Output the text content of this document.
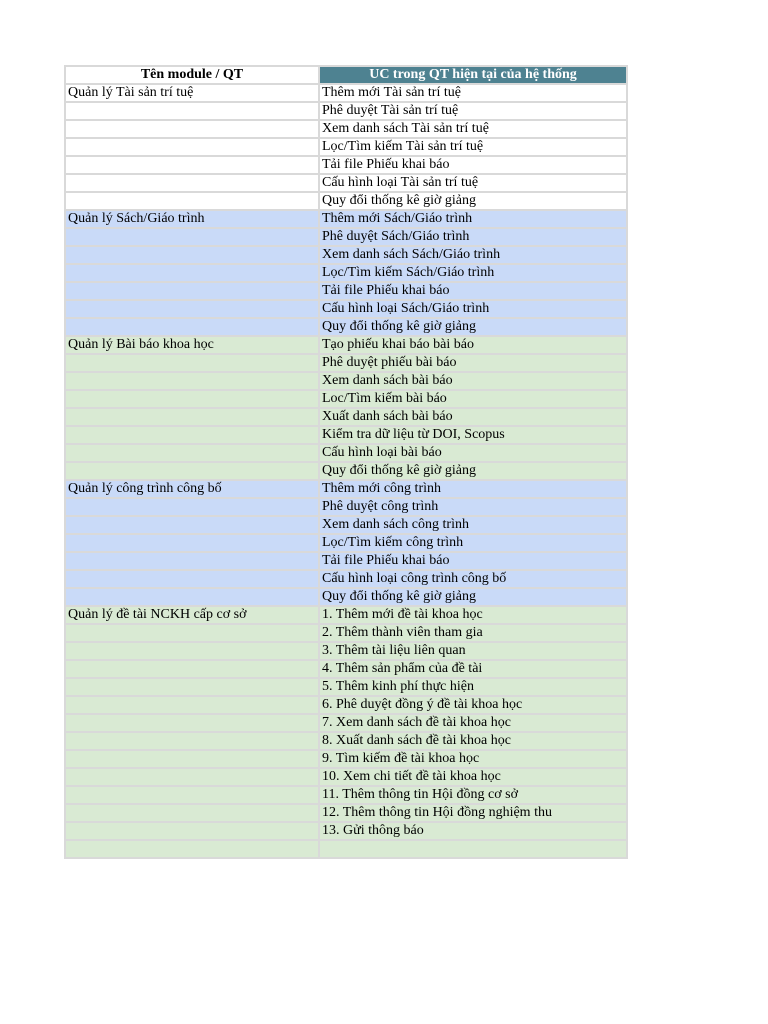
Tên module / QT	UC trong QT hiện tại của hệ thống
Quản lý Tài sản trí tuệ	Thêm mới Tài sản trí tuệ
	Phê duyệt Tài sản trí tuệ
	Xem danh sách Tài sản trí tuệ
	Lọc/Tìm kiếm Tài sản trí tuệ
	Tải file Phiếu khai báo
	Cấu hình loại Tài sản trí tuệ
	Quy đổi thống kê giờ giảng
Quản lý Sách/Giáo trình	Thêm mới Sách/Giáo trình
	Phê duyệt Sách/Giáo trình
	Xem danh sách Sách/Giáo trình
	Lọc/Tìm kiếm Sách/Giáo trình
	Tải file Phiếu khai báo
	Cấu hình loại Sách/Giáo trình
	Quy đổi thống kê giờ giảng
Quản lý Bài báo khoa học	Tạo phiếu khai báo bài báo
	Phê duyệt phiếu bài báo
	Xem danh sách bài báo
	Loc/Tìm kiếm bài báo
	Xuất danh sách bài báo
	Kiểm tra dữ liệu từ DOI, Scopus
	Cấu hình loại bài báo
	Quy đổi thống kê giờ giảng
Quản lý công trình công bố	Thêm mới công trình
	Phê duyệt công trình
	Xem danh sách công trình
	Lọc/Tìm kiếm công trình
	Tải file Phiếu khai báo
	Cấu hình loại công trình công bố
	Quy đổi thống kê giờ giảng
Quản lý đề tài NCKH cấp cơ sở	1. Thêm mới đề tài khoa học
	2. Thêm thành viên tham gia
	3. Thêm tài liệu liên quan
	4. Thêm sản phẩm của đề tài
	5. Thêm kinh phí thực hiện
	6. Phê duyệt đồng ý đề tài khoa học
	7. Xem danh sách đề tài khoa học
	8. Xuất danh sách đề tài khoa học
	9. Tìm kiếm đề tài khoa học
	10. Xem chi tiết đề tài khoa học
	11. Thêm thông tin Hội đồng cơ sở
	12. Thêm thông tin Hội đồng nghiệm thu
	13. Gửi thông báo
